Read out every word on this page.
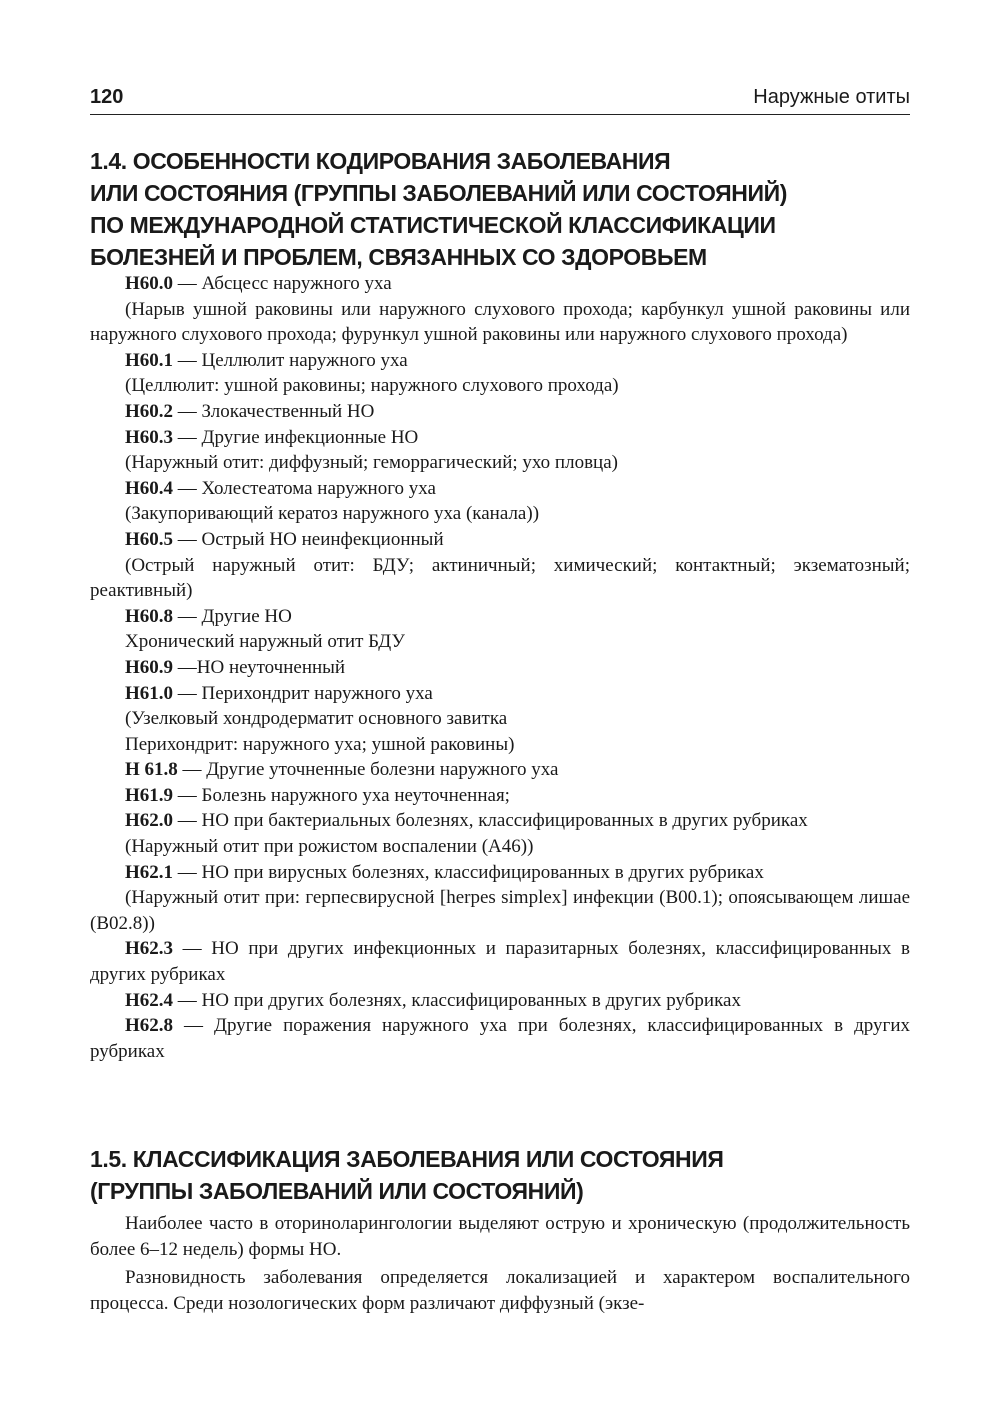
120	Наружные отиты
1.4. ОСОБЕННОСТИ КОДИРОВАНИЯ ЗАБОЛЕВАНИЯ
ИЛИ СОСТОЯНИЯ (ГРУППЫ ЗАБОЛЕВАНИЙ ИЛИ СОСТОЯНИЙ)
ПО МЕЖДУНАРОДНОЙ СТАТИСТИЧЕСКОЙ КЛАССИФИКАЦИИ
БОЛЕЗНЕЙ И ПРОБЛЕМ, СВЯЗАННЫХ СО ЗДОРОВЬЕМ

H60.0 — Абсцесс наружного уха

(Нарыв ушной раковины или наружного слухового прохода; карбункул ушной раковины или наружного слухового прохода; фурункул ушной раковины или наружного слухового прохода)

H60.1 — Целлюлит наружного уха

(Целлюлит: ушной раковины; наружного слухового прохода)

H60.2 — Злокачественный НО

H60.3 — Другие инфекционные НО

(Наружный отит: диффузный; геморрагический; ухо пловца)

H60.4 — Холестеатома наружного уха

(Закупоривающий кератоз наружного уха (канала))

H60.5 — Острый НО неинфекционный

(Острый наружный отит: БДУ; актиничный; химический; контактный; экзематозный; реактивный)

H60.8 — Другие НО

Хронический наружный отит БДУ

H60.9 —НО неуточненный

H61.0 — Перихондрит наружного уха

(Узелковый хондродерматит основного завитка

Перихондрит: наружного уха; ушной раковины)

H 61.8 — Другие уточненные болезни наружного уха

H61.9 — Болезнь наружного уха неуточненная;

H62.0 — НО при бактериальных болезнях, классифицированных в других рубриках

(Наружный отит при рожистом воспалении (A46))

H62.1 — НО при вирусных болезнях, классифицированных в других рубриках

(Наружный отит при: герпесвирусной [herpes simplex] инфекции (B00.1); опоясывающем лишае (B02.8))

H62.3 — НО при других инфекционных и паразитарных болезнях, классифицированных в других рубриках

H62.4 — НО при других болезнях, классифицированных в других рубриках

H62.8 — Другие поражения наружного уха при болезнях, классифицированных в других рубриках

1.5. КЛАССИФИКАЦИЯ ЗАБОЛЕВАНИЯ ИЛИ СОСТОЯНИЯ
(ГРУППЫ ЗАБОЛЕВАНИЙ ИЛИ СОСТОЯНИЙ)

Наиболее часто в оториноларингологии выделяют острую и хроническую (продолжительность более 6–12 недель) формы НО.

Разновидность заболевания определяется локализацией и характером воспалительного процесса. Среди нозологических форм различают диффузный (экзе-
